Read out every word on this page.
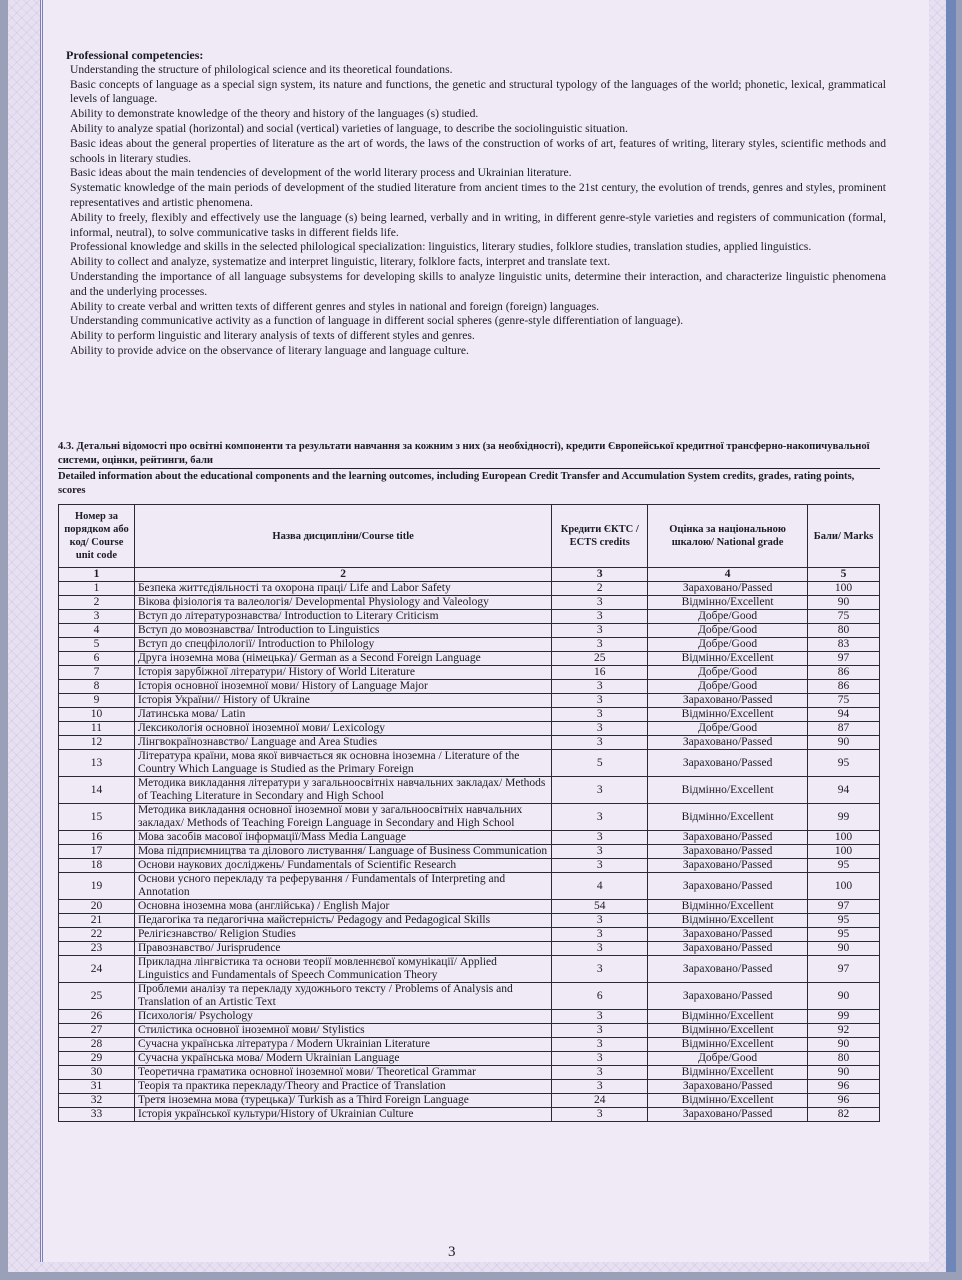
Professional competencies:

Understanding the structure of philological science and its theoretical foundations.

Basic concepts of language as a special sign system, its nature and functions, the genetic and structural typology of the languages of the world; phonetic, lexical, grammatical levels of language.

Ability to demonstrate knowledge of the theory and history of the languages (s) studied.

Ability to analyze spatial (horizontal) and social (vertical) varieties of language, to describe the sociolinguistic situation.

Basic ideas about the general properties of literature as the art of words, the laws of the construction of works of art, features of writing, literary styles, scientific methods and schools in literary studies.

Basic ideas about the main tendencies of development of the world literary process and Ukrainian literature.

Systematic knowledge of the main periods of development of the studied literature from ancient times to the 21st century, the evolution of trends, genres and styles, prominent representatives and artistic phenomena.

Ability to freely, flexibly and effectively use the language (s) being learned, verbally and in writing, in different genre-style varieties and registers of communication (formal, informal, neutral), to solve communicative tasks in different fields life.

Professional knowledge and skills in the selected philological specialization: linguistics, literary studies, folklore studies, translation studies, applied linguistics.

Ability to collect and analyze, systematize and interpret linguistic, literary, folklore facts, interpret and translate text.

Understanding the importance of all language subsystems for developing skills to analyze linguistic units, determine their interaction, and characterize linguistic phenomena and the underlying processes.

Ability to create verbal and written texts of different genres and styles in national and foreign (foreign) languages.

Understanding communicative activity as a function of language in different social spheres (genre-style differentiation of language).

Ability to perform linguistic and literary analysis of texts of different styles and genres.

Ability to provide advice on the observance of literary language and language culture.

4.3. Детальні відомості про освітні компоненти та результати навчання за кожним з них (за необхідності), кредити Європейської кредитної трансферно-накопичувальної системи, оцінки, рейтинги, бали
Detailed information about the educational components and the learning outcomes, including European Credit Transfer and Accumulation System credits, grades, rating points, scores
Номер за порядком або код/ Course unit code	Назва дисципліни/Course title	Кредити ЄКТС / ECTS credits	Оцінка за національною шкалою/ National grade	Бали/ Marks
1	2	3	4	5
1	Безпека життєдіяльності та охорона праці/ Life and Labor Safety	2	Зараховано/Passed	100
2	Вікова фізіологія та валеологія/ Developmental Physiology and Valeology	3	Відмінно/Excellent	90
3	Вступ до літературознавства/ Introduction to Literary Criticism	3	Добре/Good	75
4	Вступ до мовознавства/ Introduction to Linguistics	3	Добре/Good	80
5	Вступ до спецфілології/ Introduction to Philology	3	Добре/Good	83
6	Друга іноземна мова (німецька)/ German as a Second Foreign Language	25	Відмінно/Excellent	97
7	Історія зарубіжної літератури/ History of World Literature	16	Добре/Good	86
8	Історія основної іноземної мови/ History of Language Major	3	Добре/Good	86
9	Історія України// History of Ukraine	3	Зараховано/Passed	75
10	Латинська мова/ Latin	3	Відмінно/Excellent	94
11	Лексикологія основної іноземної мови/ Lexicology	3	Добре/Good	87
12	Лінгвокраїнознавство/ Language and Area Studies	3	Зараховано/Passed	90
13	Література країни, мова якої вивчається як основна іноземна / Literature of the Country Which Language is Studied as the Primary Foreign	5	Зараховано/Passed	95
14	Методика викладання літератури у загальноосвітніх навчальних закладах/ Methods of Teaching Literature in Secondary and High School	3	Відмінно/Excellent	94
15	Методика викладання основної іноземної мови у загальноосвітніх навчальних закладах/ Methods of Teaching Foreign Language in Secondary and High School	3	Відмінно/Excellent	99
16	Мова засобів масової інформації/Mass Media Language	3	Зараховано/Passed	100
17	Мова підприємництва та ділового листування/ Language of Business Communication	3	Зараховано/Passed	100
18	Основи наукових досліджень/ Fundamentals of Scientific Research	3	Зараховано/Passed	95
19	Основи усного перекладу та реферування / Fundamentals of Interpreting and Annotation	4	Зараховано/Passed	100
20	Основна іноземна мова (англійська) / English Major	54	Відмінно/Excellent	97
21	Педагогіка та педагогічна майстерність/ Pedagogy and Pedagogical Skills	3	Відмінно/Excellent	95
22	Релігієзнавство/ Religion Studies	3	Зараховано/Passed	95
23	Правознавство/ Jurisprudence	3	Зараховано/Passed	90
24	Прикладна лінгвістика та основи теорії мовленнєвої комунікації/ Applied Linguistics and Fundamentals of Speech Communication Theory	3	Зараховано/Passed	97
25	Проблеми аналізу та перекладу художнього тексту / Problems of Analysis and Translation of an Artistic Text	6	Зараховано/Passed	90
26	Психологія/ Psychology	3	Відмінно/Excellent	99
27	Стилістика основної іноземної мови/ Stylistics	3	Відмінно/Excellent	92
28	Сучасна українська література / Modern Ukrainian Literature	3	Відмінно/Excellent	90
29	Сучасна українська мова/ Modern Ukrainian Language	3	Добре/Good	80
30	Теоретична граматика основної іноземної мови/ Theoretical Grammar	3	Відмінно/Excellent	90
31	Теорія та практика перекладу/Theory and Practice of Translation	3	Зараховано/Passed	96
32	Третя іноземна мова (турецька)/ Turkish as a Third Foreign Language	24	Відмінно/Excellent	96
33	Історія української культури/History of Ukrainian Culture	3	Зараховано/Passed	82
3
